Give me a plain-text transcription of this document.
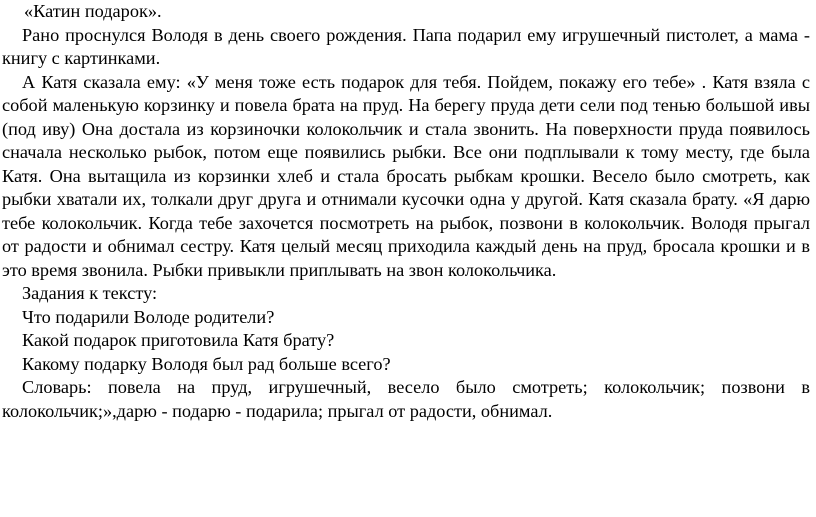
«Катин подарок».

Рано проснулся Володя в день своего рождения. Папа подарил ему игрушечный пистолет, а мама - книгу с картинками.

А Катя сказала ему: «У меня тоже есть подарок для тебя. Пойдем, покажу его тебе» . Катя взяла с собой маленькую корзинку и повела брата на пруд. На берегу пруда дети сели под тенью большой ивы (под иву) Она достала из корзиночки колокольчик и стала звонить. На поверхности пруда появилось сначала несколько рыбок, потом еще появились рыбки. Все они подплывали к тому месту, где была Катя. Она вытащила из корзинки хлеб и стала бросать рыбкам крошки. Весело было смотреть, как рыбки хватали их, толкали друг друга и отнимали кусочки одна у другой. Катя сказала брату. «Я дарю тебе колокольчик. Когда тебе захочется посмотреть на рыбок, позвони в колокольчик. Володя прыгал от радости и обнимал сестру. Катя целый месяц приходила каждый день на пруд, бросала крошки и в это время звонила. Рыбки привыкли приплывать на звон колокольчика.

Задания к тексту:

Что подарили Володе родители?

Какой подарок приготовила Катя брату?

Какому подарку Володя был рад больше всего?

Словарь: повела на пруд, игрушечный, весело было смотреть; колокольчик; позвони в колокольчик;»,дарю - подарю - подарила; прыгал от радости, обнимал.
